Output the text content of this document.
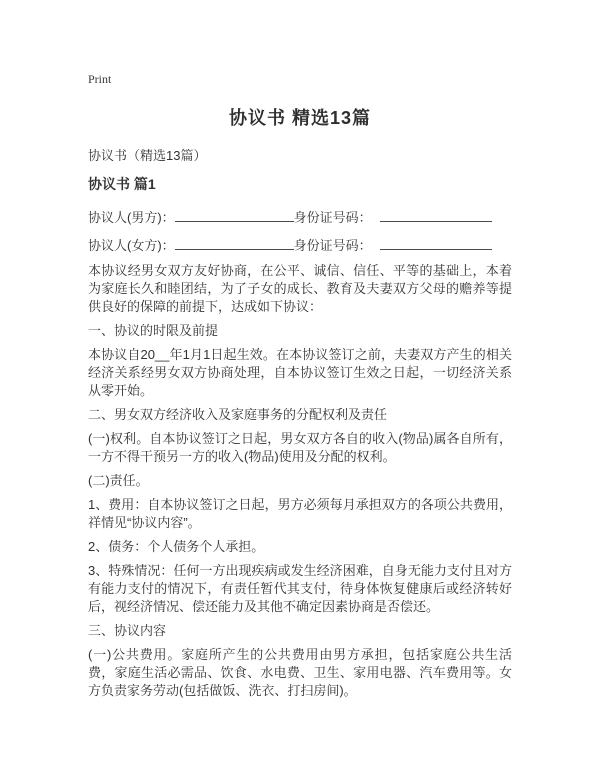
Print
协议书 精选13篇

协议书（精选13篇）

协议书 篇1

协议人(男方)：	身份证号码：
协议人(女方)：	身份证号码：

本协议经男女双方友好协商，在公平、诚信、信任、平等的基础上，本着为家庭长久和睦团结，为了子女的成长、教育及夫妻双方父母的赡养等提供良好的保障的前提下，达成如下协议：

一、协议的时限及前提

本协议自20__年1月1日起生效。在本协议签订之前，夫妻双方产生的相关经济关系经男女双方协商处理，自本协议签订生效之日起，一切经济关系从零开始。

二、男女双方经济收入及家庭事务的分配权利及责任

(一)权利。自本协议签订之日起，男女双方各自的收入(物品)属各自所有，一方不得干预另一方的收入(物品)使用及分配的权利。

(二)责任。

1、费用：自本协议签订之日起，男方必须每月承担双方的各项公共费用，祥情见“协议内容”。

2、债务：个人债务个人承担。

3、特殊情况：任何一方出现疾病或发生经济困难，自身无能力支付且对方有能力支付的情况下，有责任暂代其支付，待身体恢复健康后或经济转好后，视经济情况、偿还能力及其他不确定因素协商是否偿还。

三、协议内容

(一)公共费用。家庭所产生的公共费用由男方承担，包括家庭公共生活费，家庭生活必需品、饮食、水电费、卫生、家用电器、汽车费用等。女方负责家务劳动(包括做饭、洗衣、打扫房间)。
